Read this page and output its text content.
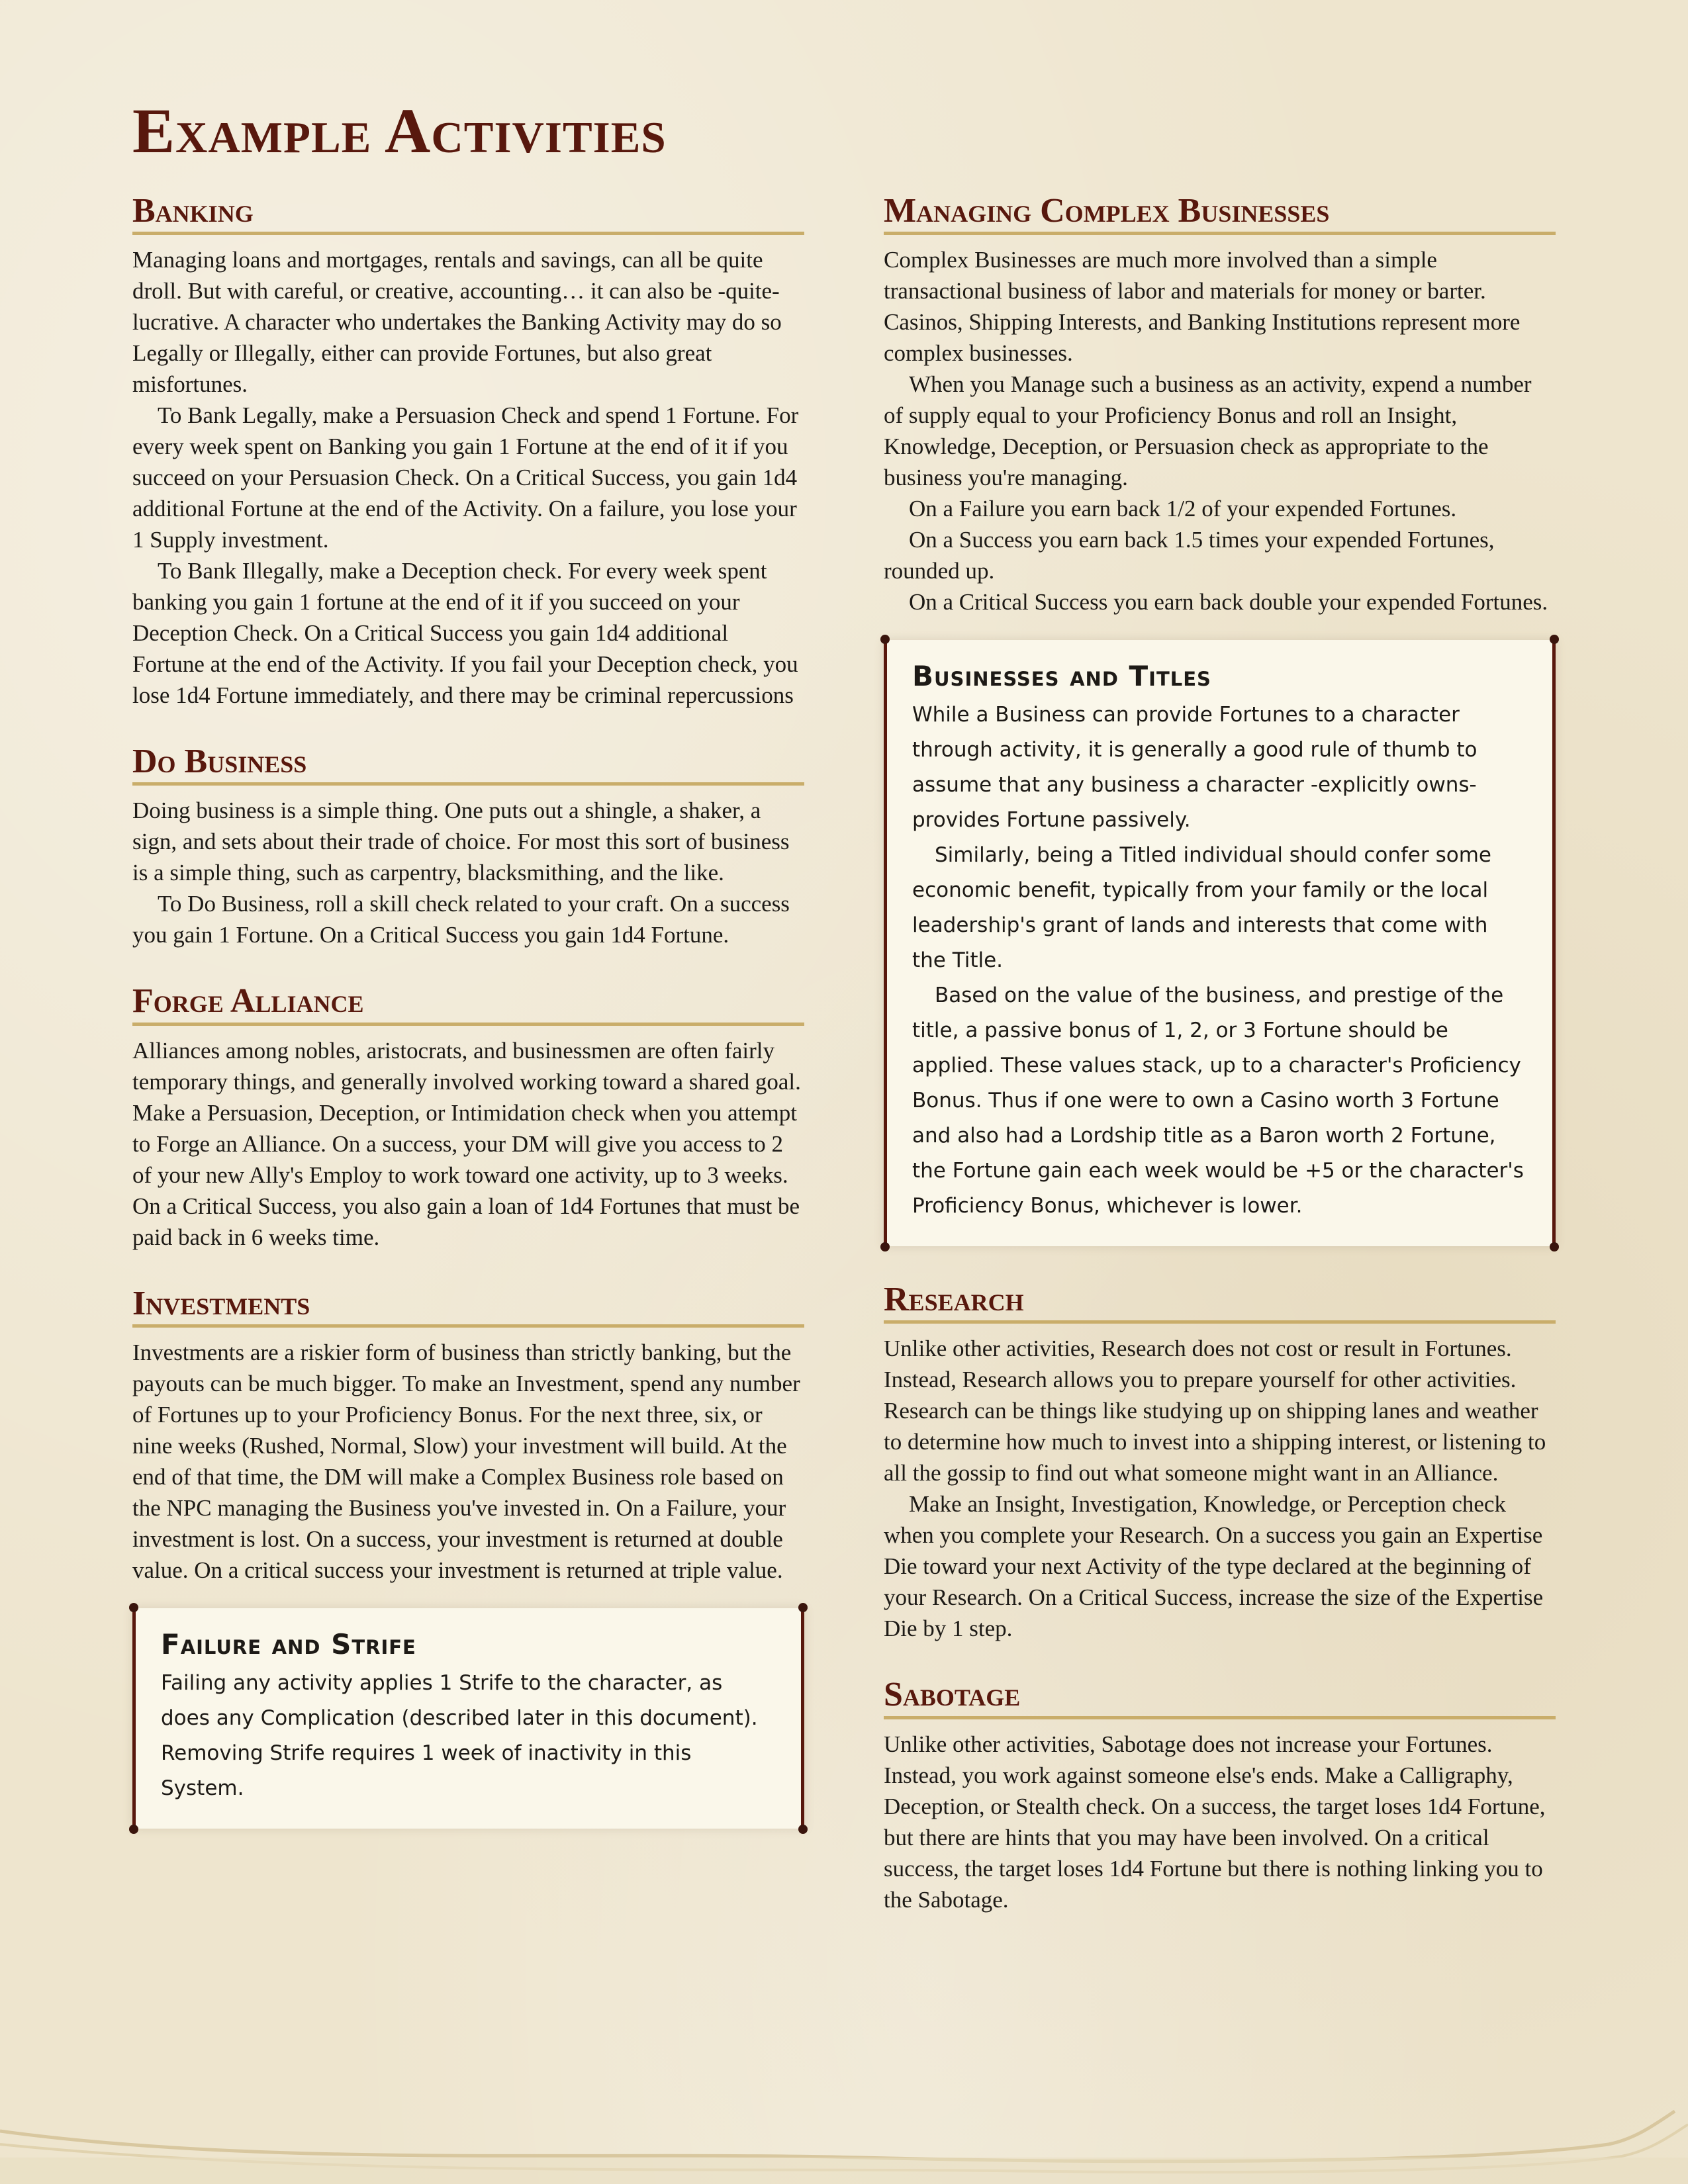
Example Activities
Banking

Managing loans and mortgages, rentals and savings, can all be quite droll. But with careful, or creative, accounting… it can also be -quite- lucrative. A character who undertakes the Banking Activity may do so Legally or Illegally, either can provide Fortunes, but also great misfortunes.

To Bank Legally, make a Persuasion Check and spend 1 Fortune. For every week spent on Banking you gain 1 Fortune at the end of it if you succeed on your Persuasion Check. On a Critical Success, you gain 1d4 additional Fortune at the end of the Activity. On a failure, you lose your 1 Supply investment.

To Bank Illegally, make a Deception check. For every week spent banking you gain 1 fortune at the end of it if you succeed on your Deception Check. On a Critical Success you gain 1d4 additional Fortune at the end of the Activity. If you fail your Deception check, you lose 1d4 Fortune immediately, and there may be criminal repercussions

Do Business

Doing business is a simple thing. One puts out a shingle, a shaker, a sign, and sets about their trade of choice. For most this sort of business is a simple thing, such as carpentry, blacksmithing, and the like.

To Do Business, roll a skill check related to your craft. On a success you gain 1 Fortune. On a Critical Success you gain 1d4 Fortune.

Forge Alliance

Alliances among nobles, aristocrats, and businessmen are often fairly temporary things, and generally involved working toward a shared goal. Make a Persuasion, Deception, or Intimidation check when you attempt to Forge an Alliance. On a success, your DM will give you access to 2 of your new Ally's Employ to work toward one activity, up to 3 weeks. On a Critical Success, you also gain a loan of 1d4 Fortunes that must be paid back in 6 weeks time.

Investments

Investments are a riskier form of business than strictly banking, but the payouts can be much bigger. To make an Investment, spend any number of Fortunes up to your Proficiency Bonus. For the next three, six, or nine weeks (Rushed, Normal, Slow) your investment will build. At the end of that time, the DM will make a Complex Business role based on the NPC managing the Business you've invested in. On a Failure, your investment is lost. On a success, your investment is returned at double value. On a critical success your investment is returned at triple value.

Failure and Strife

Failing any activity applies 1 Strife to the character, as does any Complication (described later in this document). Removing Strife requires 1 week of inactivity in this System.

Managing Complex Businesses

Complex Businesses are much more involved than a simple transactional business of labor and materials for money or barter. Casinos, Shipping Interests, and Banking Institutions represent more complex businesses.

When you Manage such a business as an activity, expend a number of supply equal to your Proficiency Bonus and roll an Insight, Knowledge, Deception, or Persuasion check as appropriate to the business you're managing.

On a Failure you earn back 1/2 of your expended Fortunes.

On a Success you earn back 1.5 times your expended Fortunes, rounded up.

On a Critical Success you earn back double your expended Fortunes.

Businesses and Titles

While a Business can provide Fortunes to a character through activity, it is generally a good rule of thumb to assume that any business a character -explicitly owns- provides Fortune passively.

Similarly, being a Titled individual should confer some economic benefit, typically from your family or the local leadership's grant of lands and interests that come with the Title.

Based on the value of the business, and prestige of the title, a passive bonus of 1, 2, or 3 Fortune should be applied. These values stack, up to a character's Proficiency Bonus. Thus if one were to own a Casino worth 3 Fortune and also had a Lordship title as a Baron worth 2 Fortune, the Fortune gain each week would be +5 or the character's Proficiency Bonus, whichever is lower.

Research

Unlike other activities, Research does not cost or result in Fortunes. Instead, Research allows you to prepare yourself for other activities. Research can be things like studying up on shipping lanes and weather to determine how much to invest into a shipping interest, or listening to all the gossip to find out what someone might want in an Alliance.

Make an Insight, Investigation, Knowledge, or Perception check when you complete your Research. On a success you gain an Expertise Die toward your next Activity of the type declared at the beginning of your Research. On a Critical Success, increase the size of the Expertise Die by 1 step.

Sabotage

Unlike other activities, Sabotage does not increase your Fortunes. Instead, you work against someone else's ends. Make a Calligraphy, Deception, or Stealth check. On a success, the target loses 1d4 Fortune, but there are hints that you may have been involved. On a critical success, the target loses 1d4 Fortune but there is nothing linking you to the Sabotage.
